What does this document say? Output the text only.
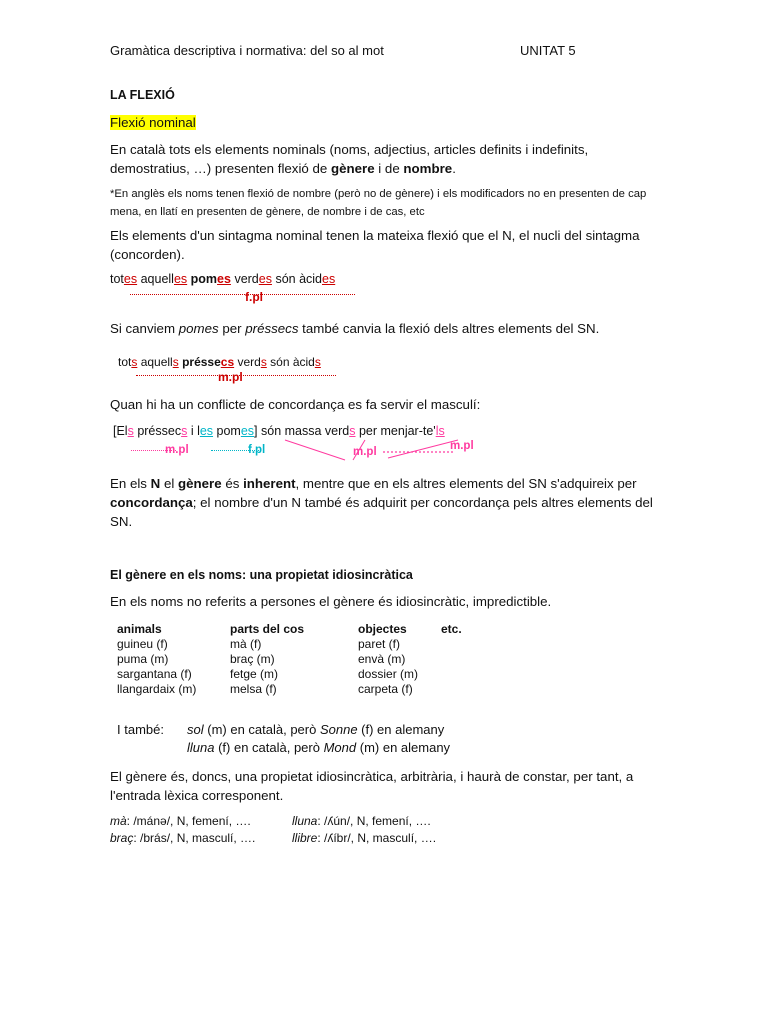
Gramàtica descriptiva i normativa: del so al mot	UNITAT 5
LA FLEXIÓ
Flexió nominal
En català tots els elements nominals (noms, adjectius, articles definits i indefinits, demostratius, …) presenten flexió de gènere i de nombre.
*En anglès els noms tenen flexió de nombre (però no de gènere) i els modificadors no en presenten de cap mena, en llatí en presenten de gènere, de nombre i de cas, etc
Els elements d'un sintagma nominal tenen la mateixa flexió que el N, el nucli del sintagma (concorden).
totes aquelles pomes verdes són àcides
f.pl
Si canviem pomes per préssecs també canvia la flexió dels altres elements del SN.
tots aquells préssecs verds són àcids
m.pl
Quan hi ha un conflicte de concordança es fa servir el masculí:
[Els préssecs i les pomes] són massa verds per menjar-te'ls
m.pl	f.pl	m.pl	m.pl
En els N el gènere és inherent, mentre que en els altres elements del SN s'adquireix per concordança; el nombre d'un N també és adquirit per concordança pels altres elements del SN.
El gènere en els noms: una propietat idiosincràtica
En els noms no referits a persones el gènere és idiosincràtic, impredictible.
animals	parts del cos	objectes	etc.
guineu (f)	mà (f)	paret (f)	
puma (m)	braç (m)	envà (m)	
sargantana (f)	fetge (m)	dossier (m)	
llangardaix (m)	melsa (f)	carpeta (f)	
I també: sol (m) en català, però Sonne (f) en alemany
lluna (f) en català, però Mond (m) en alemany
El gènere és, doncs, una propietat idiosincràtica, arbitrària, i haurà de constar, per tant, a l'entrada lèxica corresponent.
mà: /mánǝ/, N, femení, ….	lluna: /ʎún/, N, femení, ….
braç: /brás/, N, masculí, ….	llibre: /ʎíbr/, N, masculí, ….
